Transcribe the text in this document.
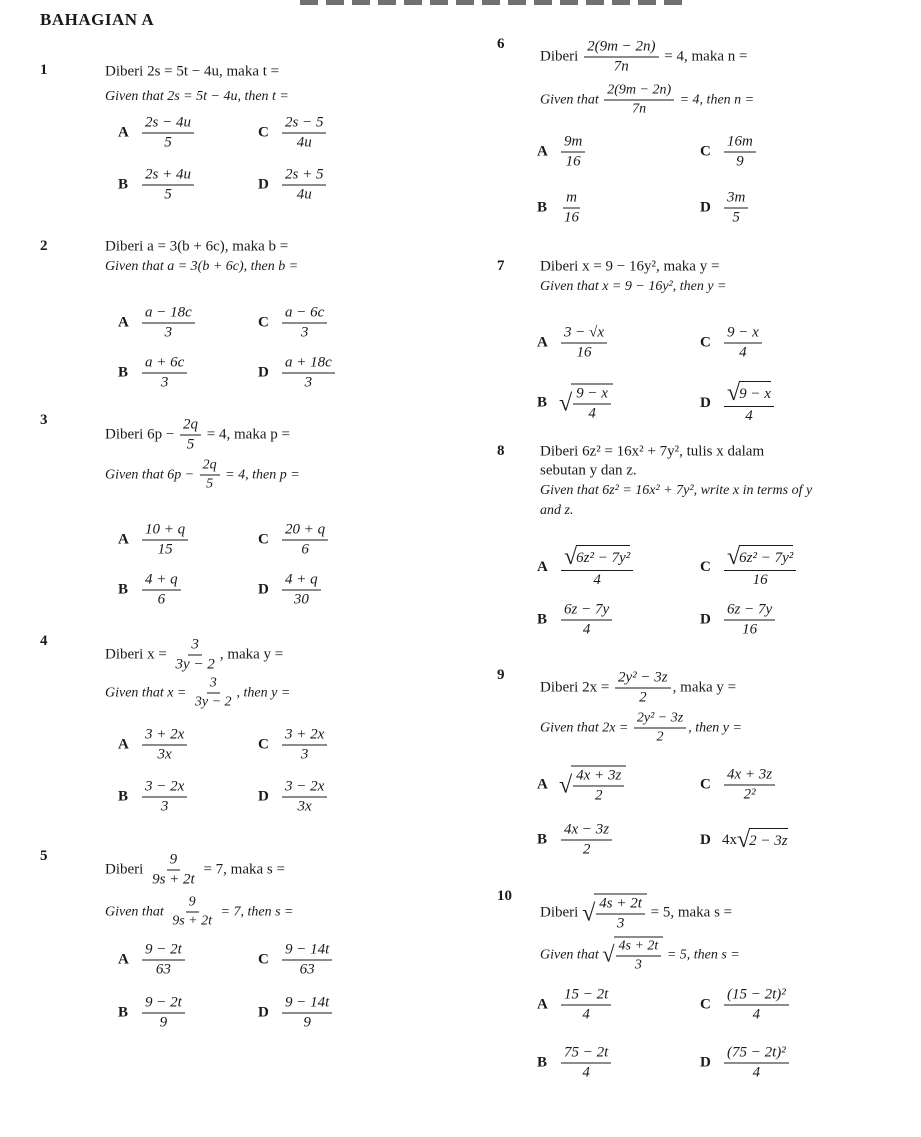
BAHAGIAN A
1	Diberi 2s = 5t − 4u, maka t =
Given that 2s = 5t − 4u, then t =
A $\frac{2s - 4u}{5}$
B $\frac{2s + 4u}{5}$
C $\frac{2s - 5}{4u}$
D $\frac{2s + 5}{4u}$
2	Diberi a = 3(b + 6c), maka b =
Given that a = 3(b + 6c), then b =
A $\frac{a - 18c}{3}$
B $\frac{a + 6c}{3}$
C $\frac{a - 6c}{3}$
D $\frac{a + 18c}{3}$
3
Diberi $6p - \frac{2q}{5} = 4$, maka p =
Given that $6p - \frac{2q}{5} = 4$, then p =
A $\frac{10 + q}{15}$
B $\frac{4 + q}{6}$
C $\frac{20 + q}{6}$
D $\frac{4 + q}{30}$
4
Diberi $x = \frac{3}{3y - 2}$ , maka y =
Given that $x = \frac{3}{3y - 2}$ , then y =
A $\frac{3 + 2x}{3x}$
B $\frac{3 - 2x}{3}$
C $\frac{3 + 2x}{3}$
D $\frac{3 - 2x}{3x}$
5
Diberi $\frac{9}{9s + 2t} = 7$, maka s =
Given that $\frac{9}{9s + 2t} = 7$, then s =
A $\frac{9 - 2t}{63}$
B $\frac{9 - 2t}{9}$
C $\frac{9 - 14t}{63}$
D $\frac{9 - 14t}{9}$
6
Diberi $\frac{2(9m - 2n)}{7n} = 4$, maka n =
Given that $\frac{2(9m - 2n)}{7n} = 4$, then n =
A $\frac{9m}{16}$
B $\frac{m}{16}$
C $\frac{16m}{9}$
D $\frac{3m}{5}$
7 Diberi x = 9 − 16y², maka y =
Given that x = 9 − 16y², then y =
A $\frac{3 - √x}{16}$
B √ $\frac{9 - x}{4}$
C $\frac{9 - x}{4}$
D $\frac{√ 9 - x}{4}$
8 Diberi 6z² = 16x² + 7y², tulis x dalam
sebutan y dan z.
Given that 6z² = 16x² + 7y², write x in terms of y
and z.
A $\frac{\text{√ 6z² − 7y²}}{4}$
B $\frac{6z - 7y}{4}$
C $\frac{\text{√ 6z² − 7y²}}{16}$
D $\frac{6z - 7y}{16}$
9
Diberi $2x = \frac{\text{2y² − 3z}}{2}$ , maka y =
Given that $2x = \frac{\text{2y² − 3z}}{2}$ , then y =
A √ $\frac{4x + 3z}{2}$
B $\frac{4x - 3z}{2}$
C $\frac{4x + 3z}{\text{2²}}$
D 4x √ 2 − 3z
10
Diberi √ $\frac{4s + 2t}{3} = 5$, maka s =
Given that √ $\frac{4s + 2t}{3} = 5$, then s =
A $\frac{15 - 2t}{4}$
B $\frac{75 - 2t}{4}$
C $\frac{\text{(15 − 2t)²}}{4}$
D $\frac{\text{(75 − 2t)²}}{4}$
